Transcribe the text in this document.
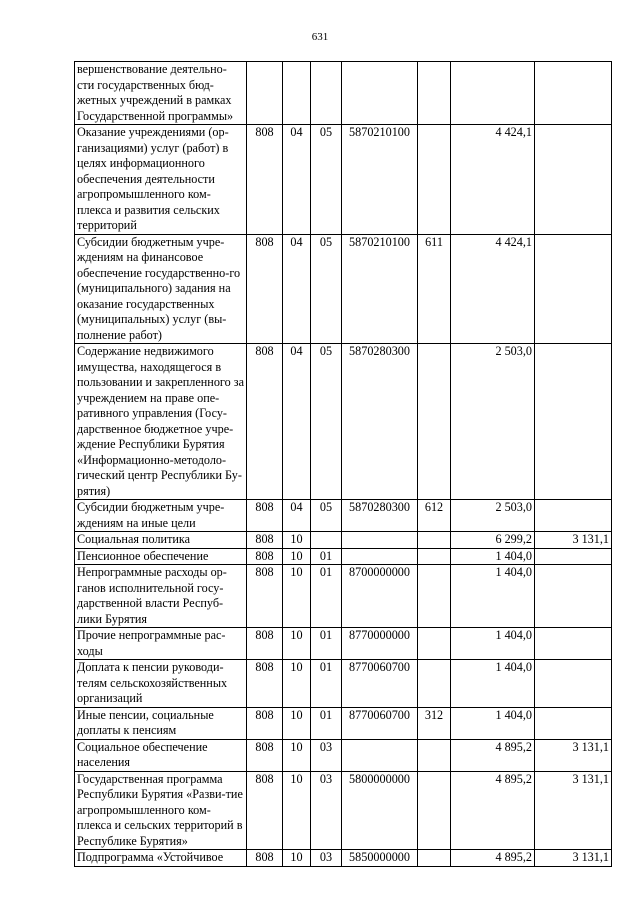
631
вершенствование деятельно-сти государственных бюд-жетных учреждений в рамках Государственной программы»							
Оказание учреждениями (ор-ганизациями) услуг (работ) в целях информационного обеспечения деятельности агропромышленного ком-плекса и развития сельских территорий	808	04	05	5870210100		4 424,1	
Субсидии бюджетным учре-ждениям на финансовое обеспечение государственно-го (муниципального) задания на оказание государственных (муниципальных) услуг (вы-полнение работ)	808	04	05	5870210100	611	4 424,1	
Содержание недвижимого имущества, находящегося в пользовании и закрепленного за учреждением на праве опе-ративного управления (Госу-дарственное бюджетное учре-ждение Республики Бурятия «Информационно-методоло-гический центр Республики Бу-рятия)	808	04	05	5870280300		2 503,0	
Субсидии бюджетным учре-ждениям на иные цели	808	04	05	5870280300	612	2 503,0	
Социальная политика	808	10				6 299,2	3 131,1
Пенсионное обеспечение	808	10	01			1 404,0	
Непрограммные расходы ор-ганов исполнительной госу-дарственной власти Респуб-лики Бурятия	808	10	01	8700000000		1 404,0	
Прочие непрограммные рас-ходы	808	10	01	8770000000		1 404,0	
Доплата к пенсии руководи-телям сельскохозяйственных организаций	808	10	01	8770060700		1 404,0	
Иные пенсии, социальные доплаты к пенсиям	808	10	01	8770060700	312	1 404,0	
Социальное обеспечение населения	808	10	03			4 895,2	3 131,1
Государственная программа Республики Бурятия «Разви-тие агропромышленного ком-плекса и сельских территорий в Республике Бурятия»	808	10	03	5800000000		4 895,2	3 131,1
Подпрограмма «Устойчивое	808	10	03	5850000000		4 895,2	3 131,1
